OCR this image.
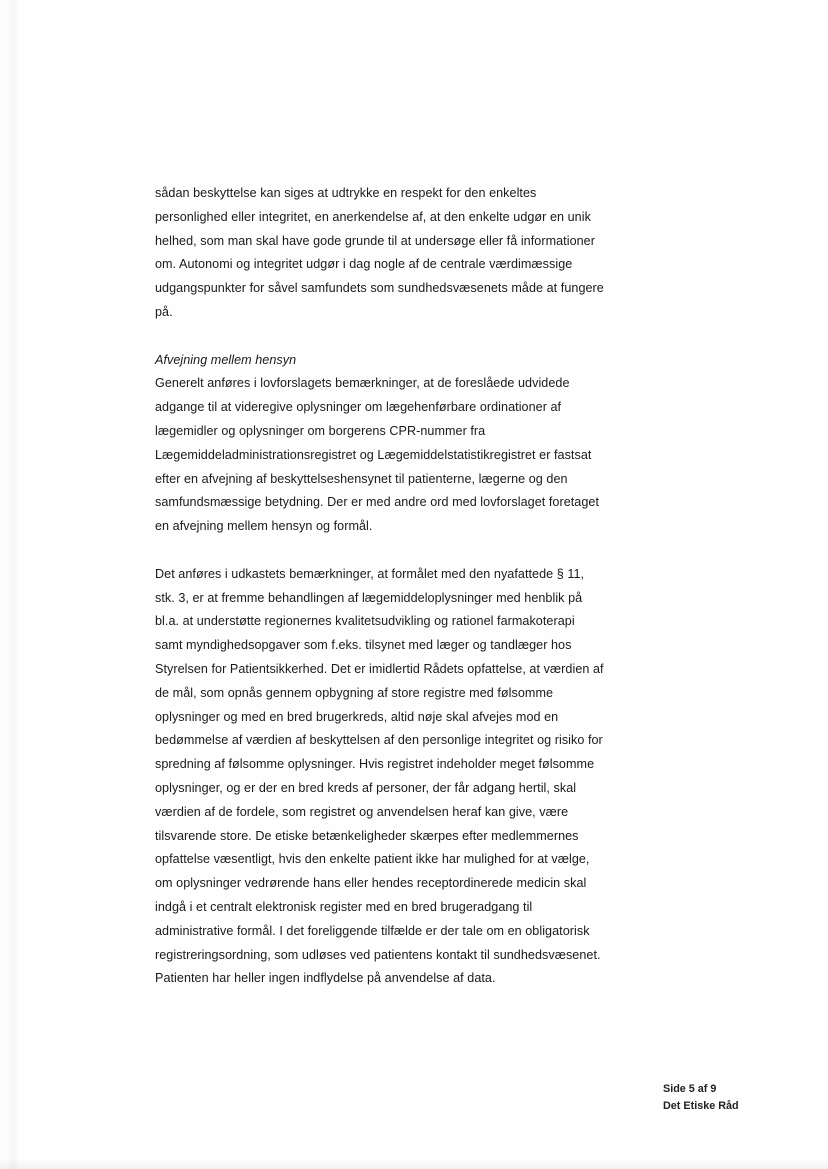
sådan beskyttelse kan siges at udtrykke en respekt for den enkeltes

personlighed eller integritet, en anerkendelse af, at den enkelte udgør en unik

helhed, som man skal have gode grunde til at undersøge eller få informationer

om. Autonomi og integritet udgør i dag nogle af de centrale værdimæssige

udgangspunkter for såvel samfundets som sundhedsvæsenets måde at fungere

på.

Afvejning mellem hensyn

Generelt anføres i lovforslagets bemærkninger, at de foreslåede udvidede

adgange til at videregive oplysninger om lægehenførbare ordinationer af

lægemidler og oplysninger om borgerens CPR-nummer fra

Lægemiddeladministrationsregistret og Lægemiddelstatistikregistret er fastsat

efter en afvejning af beskyttelseshensynet til patienterne, lægerne og den

samfundsmæssige betydning. Der er med andre ord med lovforslaget foretaget

en afvejning mellem hensyn og formål.

Det anføres i udkastets bemærkninger, at formålet med den nyafattede § 11,

stk. 3, er at fremme behandlingen af lægemiddeloplysninger med henblik på

bl.a. at understøtte regionernes kvalitetsudvikling og rationel farmakoterapi

samt myndighedsopgaver som f.eks. tilsynet med læger og tandlæger hos

Styrelsen for Patientsikkerhed. Det er imidlertid Rådets opfattelse, at værdien af

de mål, som opnås gennem opbygning af store registre med følsomme

oplysninger og med en bred brugerkreds, altid nøje skal afvejes mod en

bedømmelse af værdien af beskyttelsen af den personlige integritet og risiko for

spredning af følsomme oplysninger. Hvis registret indeholder meget følsomme

oplysninger, og er der en bred kreds af personer, der får adgang hertil, skal

værdien af de fordele, som registret og anvendelsen heraf kan give, være

tilsvarende store. De etiske betænkeligheder skærpes efter medlemmernes

opfattelse væsentligt, hvis den enkelte patient ikke har mulighed for at vælge,

om oplysninger vedrørende hans eller hendes receptordinerede medicin skal

indgå i et centralt elektronisk register med en bred brugeradgang til

administrative formål. I det foreliggende tilfælde er der tale om en obligatorisk

registreringsordning, som udløses ved patientens kontakt til sundhedsvæsenet.

Patienten har heller ingen indflydelse på anvendelse af data.

Side 5 af 9
Det Etiske Råd
